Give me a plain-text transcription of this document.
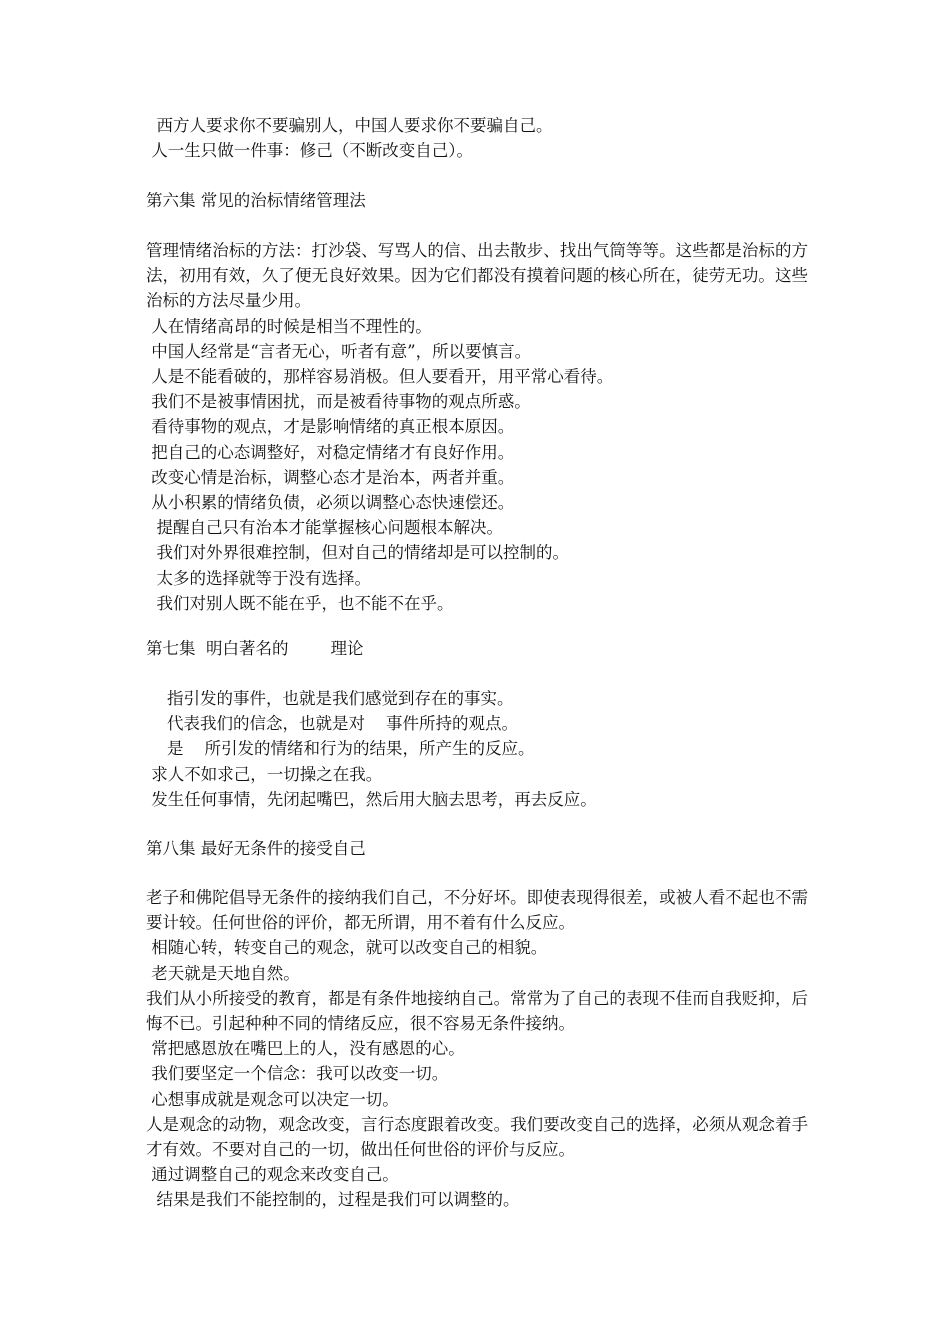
西方人要求你不要骗别人，中国人要求你不要骗自己。

人一生只做一件事：修己（不断改变自己）。

第六集 常见的治标情绪管理法

管理情绪治标的方法：打沙袋、写骂人的信、出去散步、找出气筒等等。这些都是治标的方法，初用有效，久了便无良好效果。因为它们都没有摸着问题的核心所在，徒劳无功。这些治标的方法尽量少用。

人在情绪高昂的时候是相当不理性的。

中国人经常是“言者无心，听者有意”，所以要慎言。

人是不能看破的，那样容易消极。但人要看开，用平常心看待。

我们不是被事情困扰，而是被看待事物的观点所惑。

看待事物的观点，才是影响情绪的真正根本原因。

把自己的心态调整好，对稳定情绪才有良好作用。

改变心情是治标，调整心态才是治本，两者并重。

从小积累的情绪负债，必须以调整心态快速偿还。

提醒自己只有治本才能掌握核心问题根本解决。

我们对外界很难控制，但对自己的情绪却是可以控制的。

太多的选择就等于没有选择。

我们对别人既不能在乎，也不能不在乎。

第七集  明白著名的        理论

指引发的事件，也就是我们感觉到存在的事实。

代表我们的信念，也就是对    事件所持的观点。

是    所引发的情绪和行为的结果，所产生的反应。

求人不如求己，一切操之在我。

发生任何事情，先闭起嘴巴，然后用大脑去思考，再去反应。

第八集 最好无条件的接受自己

老子和佛陀倡导无条件的接纳我们自己，不分好坏。即使表现得很差，或被人看不起也不需要计较。任何世俗的评价，都无所谓，用不着有什么反应。

相随心转，转变自己的观念，就可以改变自己的相貌。

老天就是天地自然。

我们从小所接受的教育，都是有条件地接纳自己。常常为了自己的表现不佳而自我贬抑，后悔不已。引起种种不同的情绪反应，很不容易无条件接纳。

常把感恩放在嘴巴上的人，没有感恩的心。

我们要坚定一个信念：我可以改变一切。

心想事成就是观念可以决定一切。

人是观念的动物，观念改变，言行态度跟着改变。我们要改变自己的选择，必须从观念着手才有效。不要对自己的一切，做出任何世俗的评价与反应。

通过调整自己的观念来改变自己。

结果是我们不能控制的，过程是我们可以调整的。
